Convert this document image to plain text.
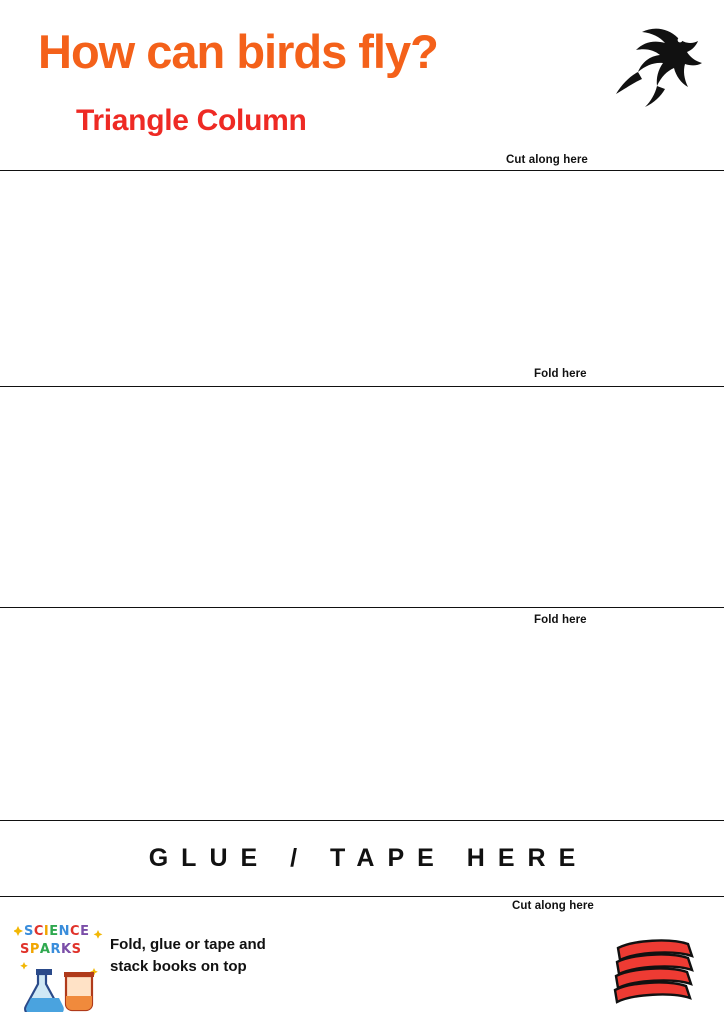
How can birds fly?
Triangle Column
Cut along here
Fold here
Fold here
GLUE / TAPE HERE
Cut along here
SCIENCE
SPARKS Fold, glue or tape and
stack books on top
